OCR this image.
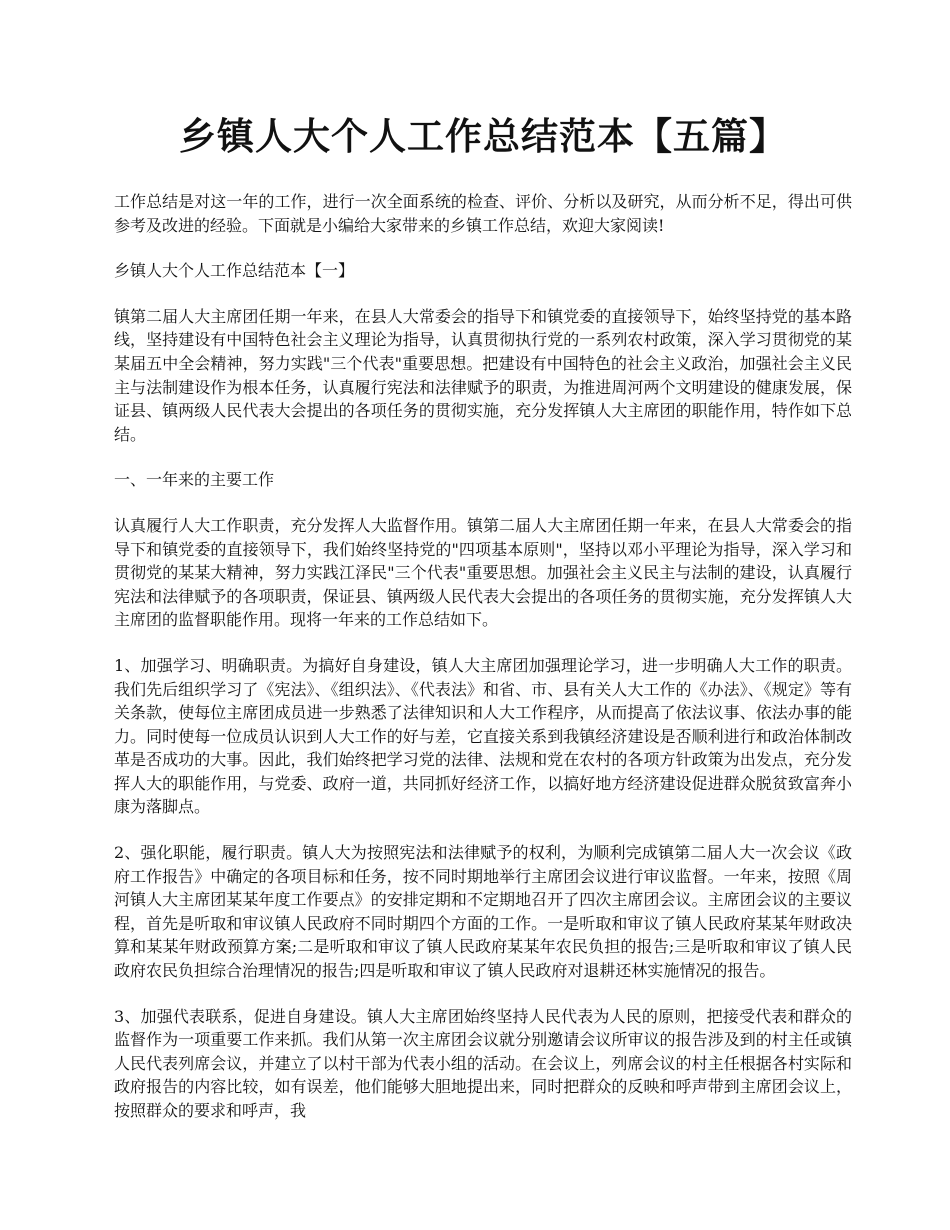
乡镇人大个人工作总结范本【五篇】

工作总结是对这一年的工作，进行一次全面系统的检查、评价、分析以及研究，从而分析不足，得出可供参考及改进的经验。下面就是小编给大家带来的乡镇工作总结，欢迎大家阅读!

乡镇人大个人工作总结范本【一】

镇第二届人大主席团任期一年来，在县人大常委会的指导下和镇党委的直接领导下，始终坚持党的基本路线，坚持建设有中国特色社会主义理论为指导，认真贯彻执行党的一系列农村政策，深入学习贯彻党的某某届五中全会精神，努力实践"三个代表"重要思想。把建设有中国特色的社会主义政治，加强社会主义民主与法制建设作为根本任务，认真履行宪法和法律赋予的职责，为推进周河两个文明建设的健康发展，保证县、镇两级人民代表大会提出的各项任务的贯彻实施，充分发挥镇人大主席团的职能作用，特作如下总结。

一、一年来的主要工作

认真履行人大工作职责，充分发挥人大监督作用。镇第二届人大主席团任期一年来，在县人大常委会的指导下和镇党委的直接领导下，我们始终坚持党的"四项基本原则"，坚持以邓小平理论为指导，深入学习和贯彻党的某某大精神，努力实践江泽民"三个代表"重要思想。加强社会主义民主与法制的建设，认真履行宪法和法律赋予的各项职责，保证县、镇两级人民代表大会提出的各项任务的贯彻实施，充分发挥镇人大主席团的监督职能作用。现将一年来的工作总结如下。

1、加强学习、明确职责。为搞好自身建设，镇人大主席团加强理论学习，进一步明确人大工作的职责。我们先后组织学习了《宪法》、《组织法》、《代表法》和省、市、县有关人大工作的《办法》、《规定》等有关条款，使每位主席团成员进一步熟悉了法律知识和人大工作程序，从而提高了依法议事、依法办事的能力。同时使每一位成员认识到人大工作的好与差，它直接关系到我镇经济建设是否顺利进行和政治体制改革是否成功的大事。因此，我们始终把学习党的法律、法规和党在农村的各项方针政策为出发点，充分发挥人大的职能作用，与党委、政府一道，共同抓好经济工作，以搞好地方经济建设促进群众脱贫致富奔小康为落脚点。

2、强化职能，履行职责。镇人大为按照宪法和法律赋予的权利，为顺利完成镇第二届人大一次会议《政府工作报告》中确定的各项目标和任务，按不同时期地举行主席团会议进行审议监督。一年来，按照《周河镇人大主席团某某年度工作要点》的安排定期和不定期地召开了四次主席团会议。主席团会议的主要议程，首先是听取和审议镇人民政府不同时期四个方面的工作。一是听取和审议了镇人民政府某某年财政决算和某某年财政预算方案;二是听取和审议了镇人民政府某某年农民负担的报告;三是听取和审议了镇人民政府农民负担综合治理情况的报告;四是听取和审议了镇人民政府对退耕还林实施情况的报告。

3、加强代表联系，促进自身建设。镇人大主席团始终坚持人民代表为人民的原则，把接受代表和群众的监督作为一项重要工作来抓。我们从第一次主席团会议就分别邀请会议所审议的报告涉及到的村主任或镇人民代表列席会议，并建立了以村干部为代表小组的活动。在会议上，列席会议的村主任根据各村实际和政府报告的内容比较，如有误差，他们能够大胆地提出来，同时把群众的反映和呼声带到主席团会议上，按照群众的要求和呼声，我
